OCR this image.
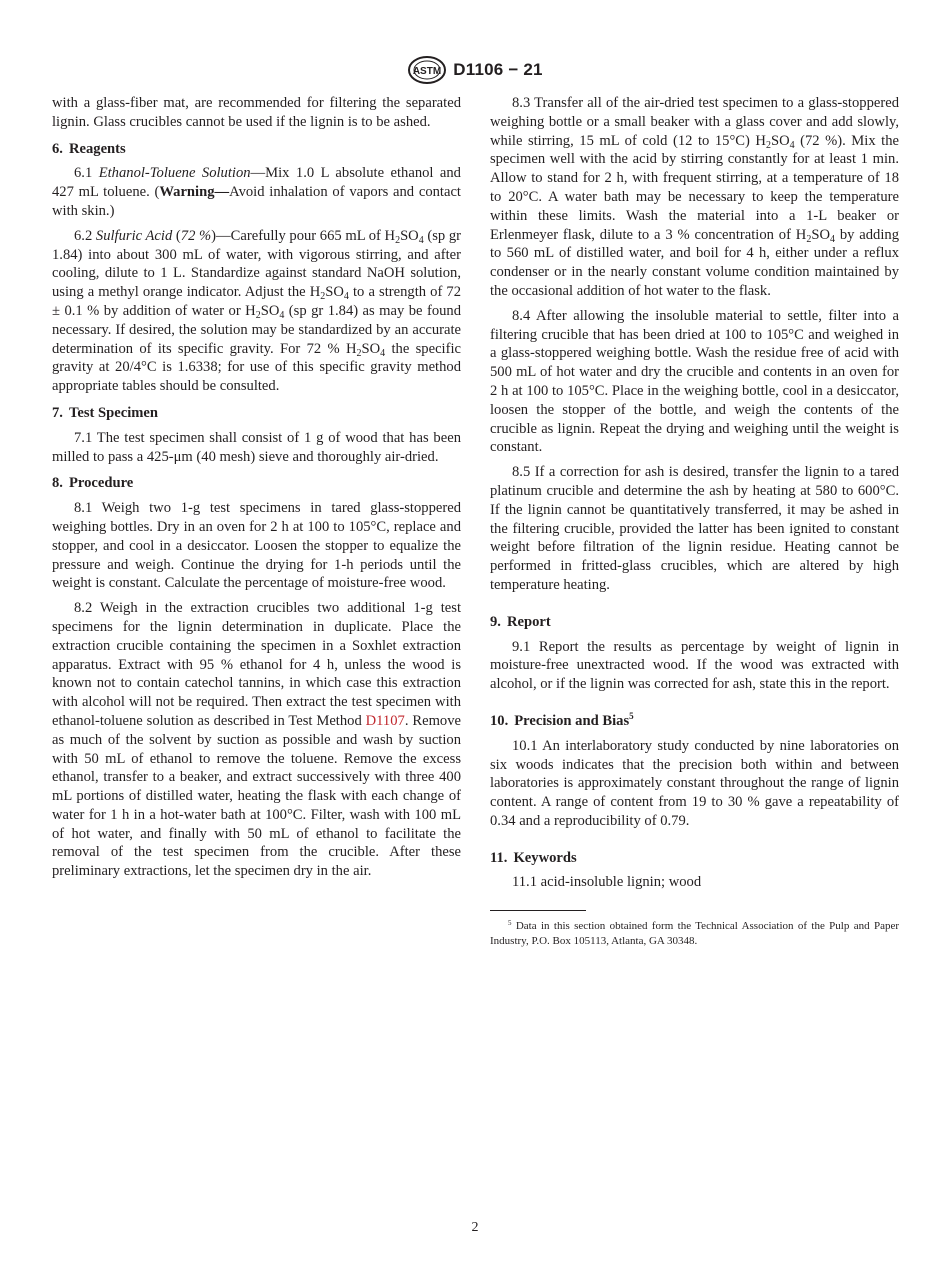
ASTM D1106 − 21

with a glass-fiber mat, are recommended for filtering the separated lignin. Glass crucibles cannot be used if the lignin is to be ashed.

6. Reagents

6.1 Ethanol-Toluene Solution—Mix 1.0 L absolute ethanol and 427 mL toluene. (Warning—Avoid inhalation of vapors and contact with skin.)

6.2 Sulfuric Acid (72 %)—Carefully pour 665 mL of $H_2SO_4$ (sp gr 1.84) into about 300 mL of water, with vigorous stirring, and after cooling, dilute to 1 L. Standardize against standard NaOH solution, using a methyl orange indicator. Adjust the $H_2SO_4$ to a strength of 72 ± 0.1 % by addition of water or $H_2SO_4$ (sp gr 1.84) as may be found necessary. If desired, the solution may be standardized by an accurate determination of its specific gravity. For 72 % $H_2SO_4$ the specific gravity at 20/4°C is 1.6338; for use of this specific gravity method appropriate tables should be consulted.

7. Test Specimen

7.1 The test specimen shall consist of 1 g of wood that has been milled to pass a 425-μm (40 mesh) sieve and thoroughly air-dried.

8. Procedure

8.1 Weigh two 1-g test specimens in tared glass-stoppered weighing bottles. Dry in an oven for 2 h at 100 to 105°C, replace and stopper, and cool in a desiccator. Loosen the stopper to equalize the pressure and weigh. Continue the drying for 1-h periods until the weight is constant. Calculate the percentage of moisture-free wood.

8.2 Weigh in the extraction crucibles two additional 1-g test specimens for the lignin determination in duplicate. Place the extraction crucible containing the specimen in a Soxhlet extraction apparatus. Extract with 95 % ethanol for 4 h, unless the wood is known not to contain catechol tannins, in which case this extraction with alcohol will not be required. Then extract the test specimen with ethanol-toluene solution as described in Test Method D1107. Remove as much of the solvent by suction as possible and wash by suction with 50 mL of ethanol to remove the toluene. Remove the excess ethanol, transfer to a beaker, and extract successively with three 400 mL portions of distilled water, heating the flask with each change of water for 1 h in a hot-water bath at 100°C. Filter, wash with 100 mL of hot water, and finally with 50 mL of ethanol to facilitate the removal of the test specimen from the crucible. After these preliminary extractions, let the specimen dry in the air.

8.3 Transfer all of the air-dried test specimen to a glass-stoppered weighing bottle or a small beaker with a glass cover and add slowly, while stirring, 15 mL of cold (12 to 15°C) $H_2SO_4$ (72 %). Mix the specimen well with the acid by stirring constantly for at least 1 min. Allow to stand for 2 h, with frequent stirring, at a temperature of 18 to 20°C. A water bath may be necessary to keep the temperature within these limits. Wash the material into a 1-L beaker or Erlenmeyer flask, dilute to a 3 % concentration of $H_2SO_4$ by adding to 560 mL of distilled water, and boil for 4 h, either under a reflux condenser or in the nearly constant volume condition maintained by the occasional addition of hot water to the flask.

8.4 After allowing the insoluble material to settle, filter into a filtering crucible that has been dried at 100 to 105°C and weighed in a glass-stoppered weighing bottle. Wash the residue free of acid with 500 mL of hot water and dry the crucible and contents in an oven for 2 h at 100 to 105°C. Place in the weighing bottle, cool in a desiccator, loosen the stopper of the bottle, and weigh the contents of the crucible as lignin. Repeat the drying and weighing until the weight is constant.

8.5 If a correction for ash is desired, transfer the lignin to a tared platinum crucible and determine the ash by heating at 580 to 600°C. If the lignin cannot be quantitatively transferred, it may be ashed in the filtering crucible, provided the latter has been ignited to constant weight before filtration of the lignin residue. Heating cannot be performed in fritted-glass crucibles, which are altered by high temperature heating.

9. Report

9.1 Report the results as percentage by weight of lignin in moisture-free unextracted wood. If the wood was extracted with alcohol, or if the lignin was corrected for ash, state this in the report.

10. Precision and Bias$^5$

10.1 An interlaboratory study conducted by nine laboratories on six woods indicates that the precision both within and between laboratories is approximately constant throughout the range of lignin content. A range of content from 19 to 30 % gave a repeatability of 0.34 and a reproducibility of 0.79.

11. Keywords

11.1 acid-insoluble lignin; wood

$^5$ Data in this section obtained form the Technical Association of the Pulp and Paper Industry, P.O. Box 105113, Atlanta, GA 30348.
2
